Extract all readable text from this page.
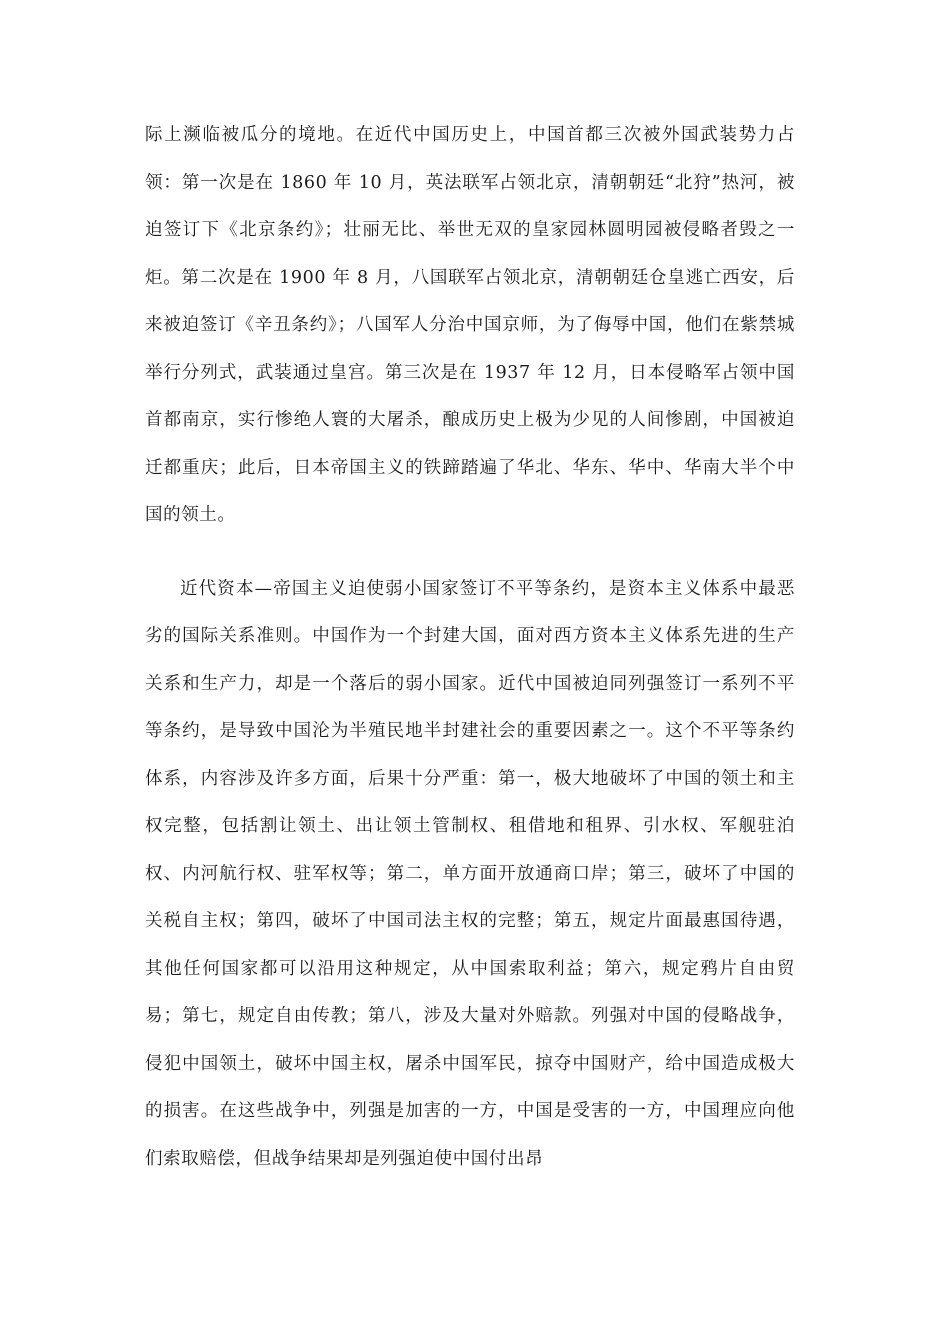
际上濒临被瓜分的境地。在近代中国历史上，中国首都三次被外国武装势力占领：第一次是在 1860 年 10 月，英法联军占领北京，清朝朝廷“北狩”热河，被迫签订下《北京条约》；壮丽无比、举世无双的皇家园林圆明园被侵略者毁之一炬。第二次是在 1900 年 8 月，八国联军占领北京，清朝朝廷仓皇逃亡西安，后来被迫签订《辛丑条约》；八国军人分治中国京师，为了侮辱中国，他们在紫禁城举行分列式，武装通过皇宫。第三次是在 1937 年 12 月，日本侵略军占领中国首都南京，实行惨绝人寰的大屠杀，酿成历史上极为少见的人间惨剧，中国被迫迁都重庆；此后，日本帝国主义的铁蹄踏遍了华北、华东、华中、华南大半个中国的领土。

近代资本—帝国主义迫使弱小国家签订不平等条约，是资本主义体系中最恶劣的国际关系准则。中国作为一个封建大国，面对西方资本主义体系先进的生产关系和生产力，却是一个落后的弱小国家。近代中国被迫同列强签订一系列不平等条约，是导致中国沦为半殖民地半封建社会的重要因素之一。这个不平等条约体系，内容涉及许多方面，后果十分严重：第一，极大地破坏了中国的领土和主权完整，包括割让领土、出让领土管制权、租借地和租界、引水权、军舰驻泊权、内河航行权、驻军权等；第二，单方面开放通商口岸；第三，破坏了中国的关税自主权；第四，破坏了中国司法主权的完整；第五，规定片面最惠国待遇，其他任何国家都可以沿用这种规定，从中国索取利益；第六，规定鸦片自由贸易；第七，规定自由传教；第八，涉及大量对外赔款。列强对中国的侵略战争，侵犯中国领土，破坏中国主权，屠杀中国军民，掠夺中国财产，给中国造成极大的损害。在这些战争中，列强是加害的一方，中国是受害的一方，中国理应向他们索取赔偿，但战争结果却是列强迫使中国付出昂
